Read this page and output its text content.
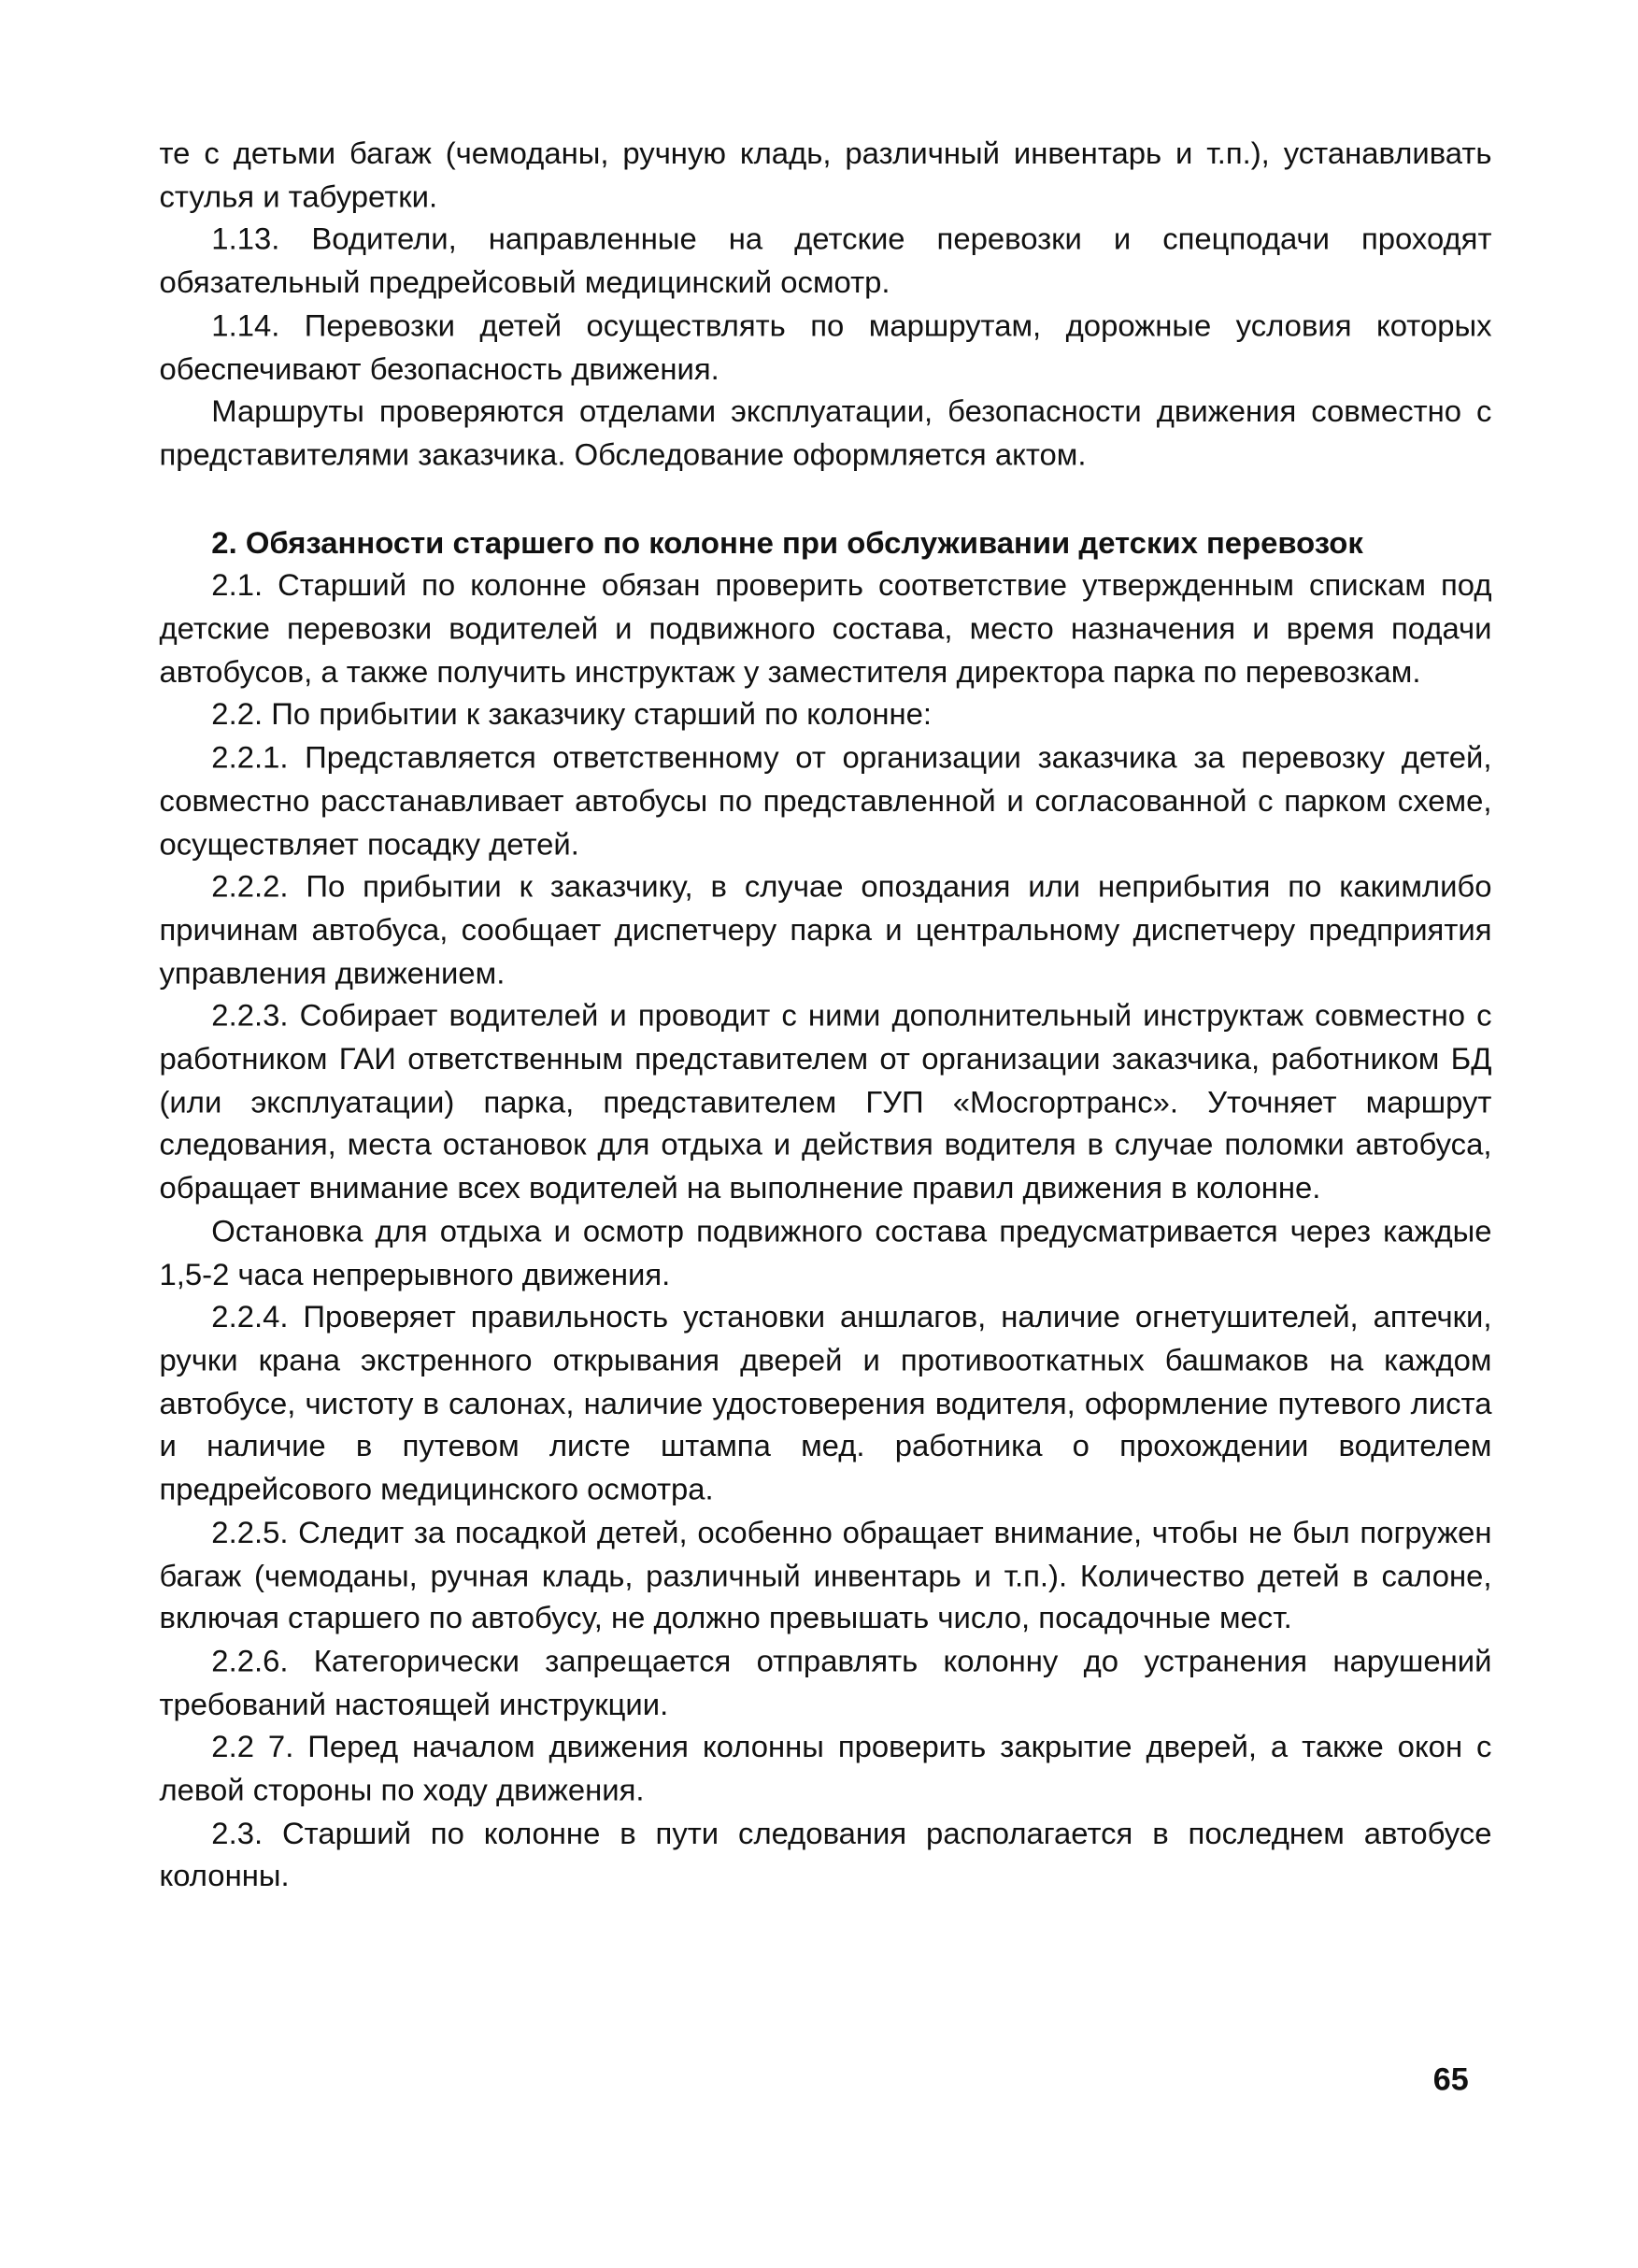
те с детьми багаж (чемоданы, ручную кладь, различный инвентарь и т.п.), устанавливать стулья и табуретки.

1.13. Водители, направленные на детские перевозки и спецподачи проходят обязательный предрейсовый медицинский осмотр.

1.14. Перевозки детей осуществлять по маршрутам, дорожные условия которых обеспечивают безопасность движения.

Маршруты проверяются отделами эксплуатации, безопасности движения совместно с представителями заказчика. Обследование оформляется актом.

2. Обязанности старшего по колонне при обслуживании детских перевозок

2.1. Старший по колонне обязан проверить соответствие утвержденным спискам под детские перевозки водителей и подвижного состава, место назначения и время подачи автобусов, а также получить инструктаж у заместителя директора парка по перевозкам.

2.2. По прибытии к заказчику старший по колонне:

2.2.1. Представляется ответственному от организации заказчика за перевозку детей, совместно расстанавливает автобусы по представленной и согласованной с парком схеме, осуществляет посадку детей.

2.2.2. По прибытии к заказчику, в случае опоздания или неприбытия по какимлибо причинам автобуса, сообщает диспетчеру парка и центральному диспетчеру предприятия управления движением.

2.2.3. Собирает водителей и проводит с ними дополнительный инструктаж совместно с работником ГАИ ответственным представителем от организации заказчика, работником БД (или эксплуатации) парка, представителем ГУП «Мосгортранс». Уточняет маршрут следования, места остановок для отдыха и действия водителя в случае поломки автобуса, обращает внимание всех водителей на выполнение правил движения в колонне.

Остановка для отдыха и осмотр подвижного состава предусматривается через каждые 1,5-2 часа непрерывного движения.

2.2.4. Проверяет правильность установки аншлагов, наличие огнетушителей, аптечки, ручки крана экстренного открывания дверей и противооткатных башмаков на каждом автобусе, чистоту в салонах, наличие удостоверения водителя, оформление путевого листа и наличие в путевом листе штампа мед. работника о прохождении водителем предрейсового медицинского осмотра.

2.2.5. Следит за посадкой детей, особенно обращает внимание, чтобы не был погружен багаж (чемоданы, ручная кладь, различный инвентарь и т.п.). Количество детей в салоне, включая старшего по автобусу, не должно превышать число, посадочные мест.

2.2.6. Категорически запрещается отправлять колонну до устранения нарушений требований настоящей инструкции.

2.2 7. Перед началом движения колонны проверить закрытие дверей, а также окон с левой стороны по ходу движения.

2.3. Старший по колонне в пути следования располагается в последнем автобусе колонны.

65
